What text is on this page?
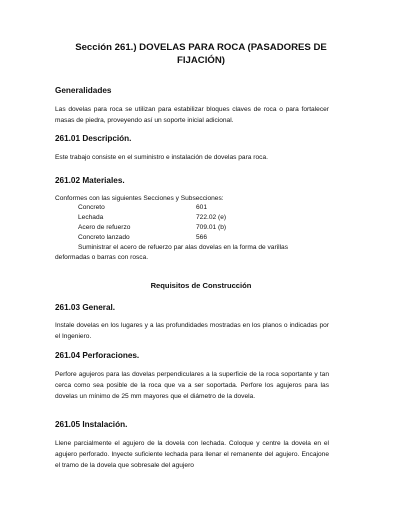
Sección 261.) DOVELAS PARA ROCA (PASADORES DE
FIJACIÓN)
Generalidades
Las dovelas para roca se utilizan para estabilizar bloques claves de roca o para fortalecer masas de piedra, proveyendo así un soporte inicial adicional.
261.01 Descripción.
Este trabajo consiste en el suministro e instalación de dovelas para roca.
261.02 Materiales.
Conformes con las siguientes Secciones y Subsecciones:
Concreto	601
Lechada	722.02 (e)
Acero de refuerzo	709.01 (b)
Concreto lanzado	566
Suministrar el acero de refuerzo par alas dovelas en la forma de varillas
deformadas o barras con rosca.
Requisitos de Construcción
261.03 General.
Instale dovelas en los lugares y a las profundidades mostradas en los planos o indicadas por el Ingeniero.
261.04 Perforaciones.
Perfore agujeros para las dovelas perpendiculares a la superficie de la roca soportante y tan cerca como sea posible de la roca que va a ser soportada. Perfore los agujeros para las dovelas un mínimo de 25 mm mayores que el diámetro de la dovela.
261.05 Instalación.
Llene parcialmente el agujero de la dovela con lechada. Coloque y centre la dovela en el agujero perforado. Inyecte suficiente lechada para llenar el remanente del agujero. Encajone el tramo de la dovela que sobresale del agujero
